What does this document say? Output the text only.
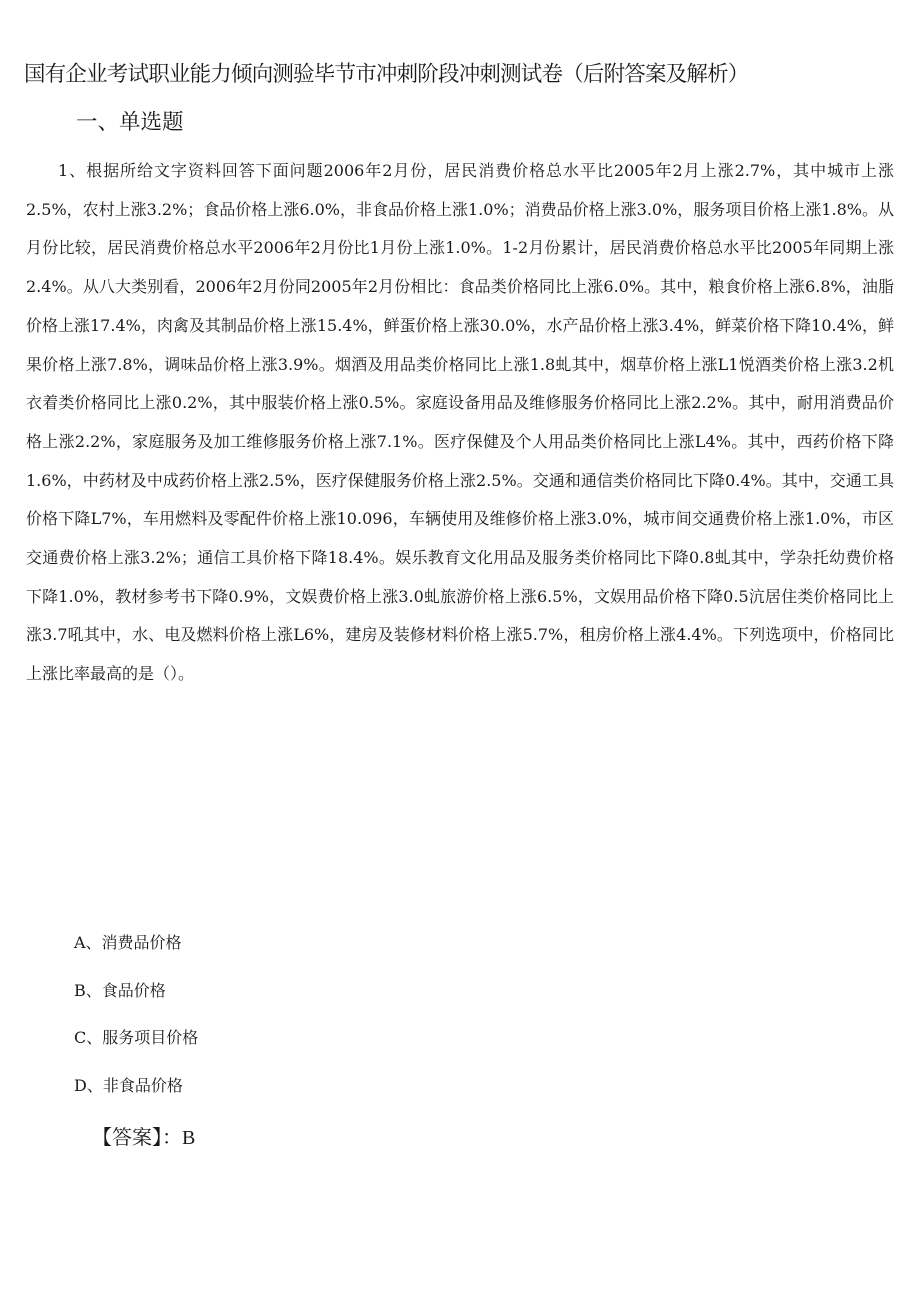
国有企业考试职业能力倾向测验毕节市冲刺阶段冲刺测试卷（后附答案及解析）
一、单选题

1、根据所给文字资料回答下面问题2006年2月份，居民消费价格总水平比2005年2月上涨2.7%，其中城市上涨2.5%，农村上涨3.2%；食品价格上涨6.0%，非食品价格上涨1.0%；消费品价格上涨3.0%，服务项目价格上涨1.8%。从月份比较，居民消费价格总水平2006年2月份比1月份上涨1.0%。1-2月份累计，居民消费价格总水平比2005年同期上涨2.4%。从八大类别看，2006年2月份同2005年2月份相比：食品类价格同比上涨6.0%。其中，粮食价格上涨6.8%，油脂价格上涨17.4%，肉禽及其制品价格上涨15.4%，鲜蛋价格上涨30.0%，水产品价格上涨3.4%，鲜菜价格下降10.4%，鲜果价格上涨7.8%，调味品价格上涨3.9%。烟酒及用品类价格同比上涨1.8虬其中，烟草价格上涨L1悦酒类价格上涨3.2机衣着类价格同比上涨0.2%，其中服装价格上涨0.5%。家庭设备用品及维修服务价格同比上涨2.2%。其中，耐用消费品价格上涨2.2%，家庭服务及加工维修服务价格上涨7.1%。医疗保健及个人用品类价格同比上涨L4%。其中，西药价格下降1.6%，中药材及中成药价格上涨2.5%，医疗保健服务价格上涨2.5%。交通和通信类价格同比下降0.4%。其中，交通工具价格下降L7%，车用燃料及零配件价格上涨10.096，车辆使用及维修价格上涨3.0%，城市间交通费价格上涨1.0%，市区交通费价格上涨3.2%；通信工具价格下降18.4%。娱乐教育文化用品及服务类价格同比下降0.8虬其中，学杂托幼费价格下降1.0%，教材参考书下降0.9%，文娱费价格上涨3.0虬旅游价格上涨6.5%，文娱用品价格下降0.5沆居住类价格同比上涨3.7吼其中，水、电及燃料价格上涨L6%，建房及装修材料价格上涨5.7%，租房价格上涨4.4%。下列选项中，价格同比上涨比率最高的是（）。

A、消费品价格
B、食品价格
C、服务项目价格
D、非食品价格

【答案】：B
